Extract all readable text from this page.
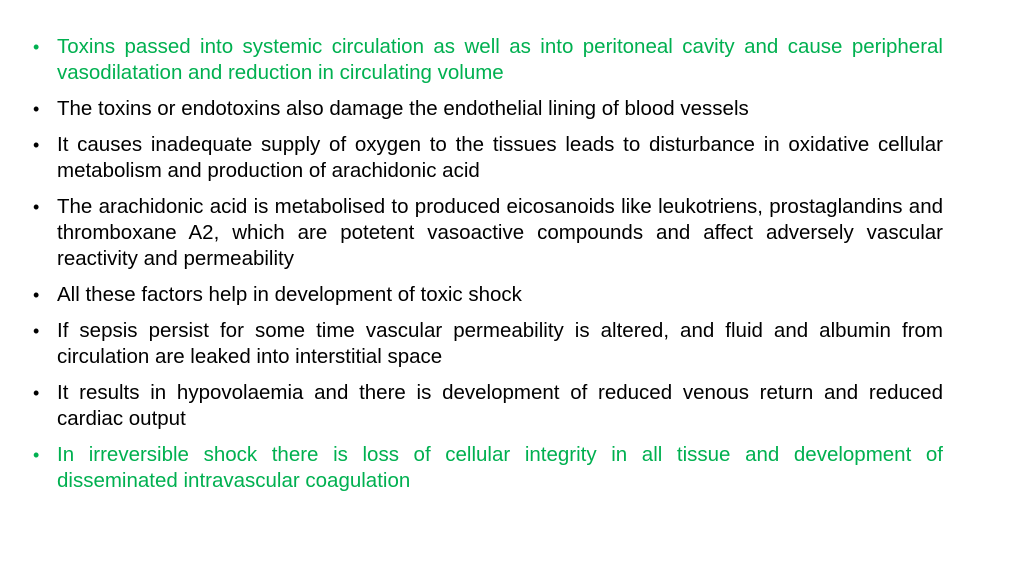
• Toxins passed into systemic circulation as well as into peritoneal cavity and cause peripheral vasodilatation and reduction in circulating volume
• The toxins or endotoxins also damage the endothelial lining of blood vessels
• It causes inadequate supply of oxygen to the tissues leads to disturbance in oxidative cellular metabolism and production of arachidonic acid
• The arachidonic acid is metabolised to produced eicosanoids like leukotriens, prostaglandins and thromboxane A2, which are potetent vasoactive compounds and affect adversely vascular reactivity and permeability
• All these factors help in development of toxic shock
• If sepsis persist for some time vascular permeability is altered, and fluid and albumin from circulation are leaked into interstitial space
• It results in hypovolaemia and there is development of reduced venous return and reduced cardiac output
• In irreversible shock there is loss of cellular integrity in all tissue and development of disseminated intravascular coagulation
